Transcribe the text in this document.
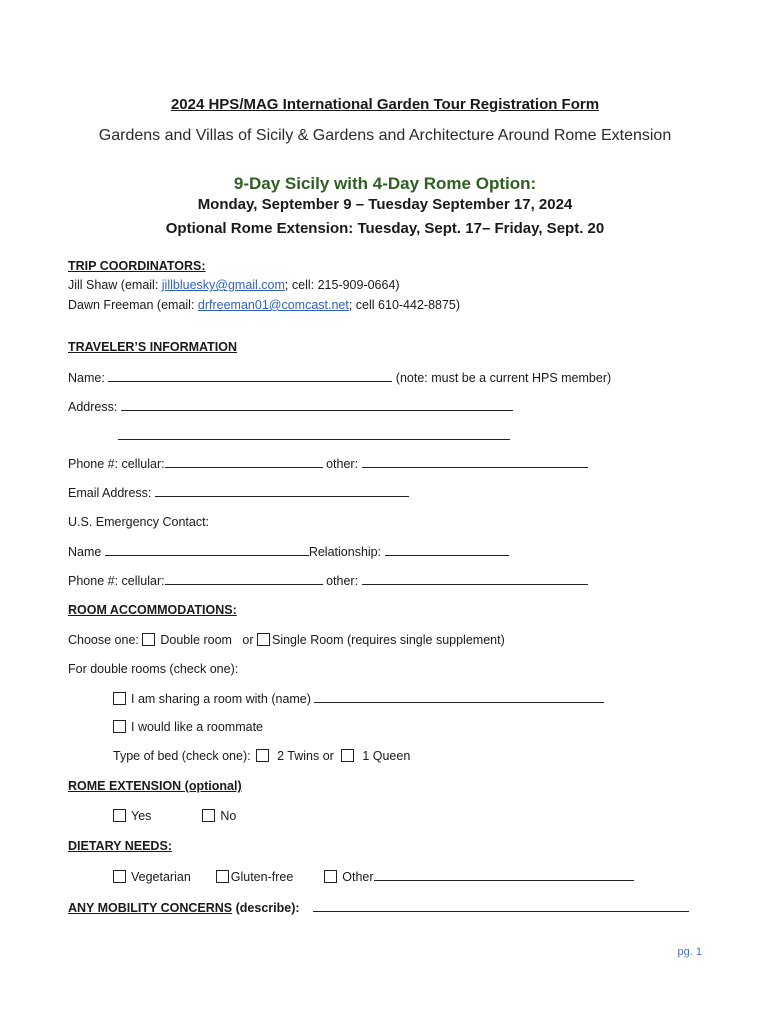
2024 HPS/MAG International Garden Tour Registration Form
Gardens and Villas of Sicily & Gardens and Architecture Around Rome Extension
9-Day Sicily with 4-Day Rome Option:
Monday, September 9 – Tuesday September 17, 2024
Optional Rome Extension: Tuesday, Sept. 17– Friday, Sept. 20
TRIP COORDINATORS:
Jill Shaw (email: jillbluesky@gmail.com; cell: 215-909-0664)
Dawn Freeman (email: drfreeman01@comcast.net; cell 610-442-8875)
TRAVELER’S INFORMATION
Name:	(note: must be a current HPS member)
Address:
Phone #: cellular:	other:
Email Address:
U.S. Emergency Contact:
Name	Relationship:
Phone #: cellular:	other:
ROOM ACCOMMODATIONS:
Choose one: Double room or Single Room (requires single supplement)
For double rooms (check one):
I am sharing a room with (name)
I would like a roommate
Type of bed (check one): 2 Twins or 1 Queen
ROME EXTENSION (optional)
Yes	No
DIETARY NEEDS:
Vegetarian	Gluten-free	Other
ANY MOBILITY CONCERNS (describe):
pg. 1
